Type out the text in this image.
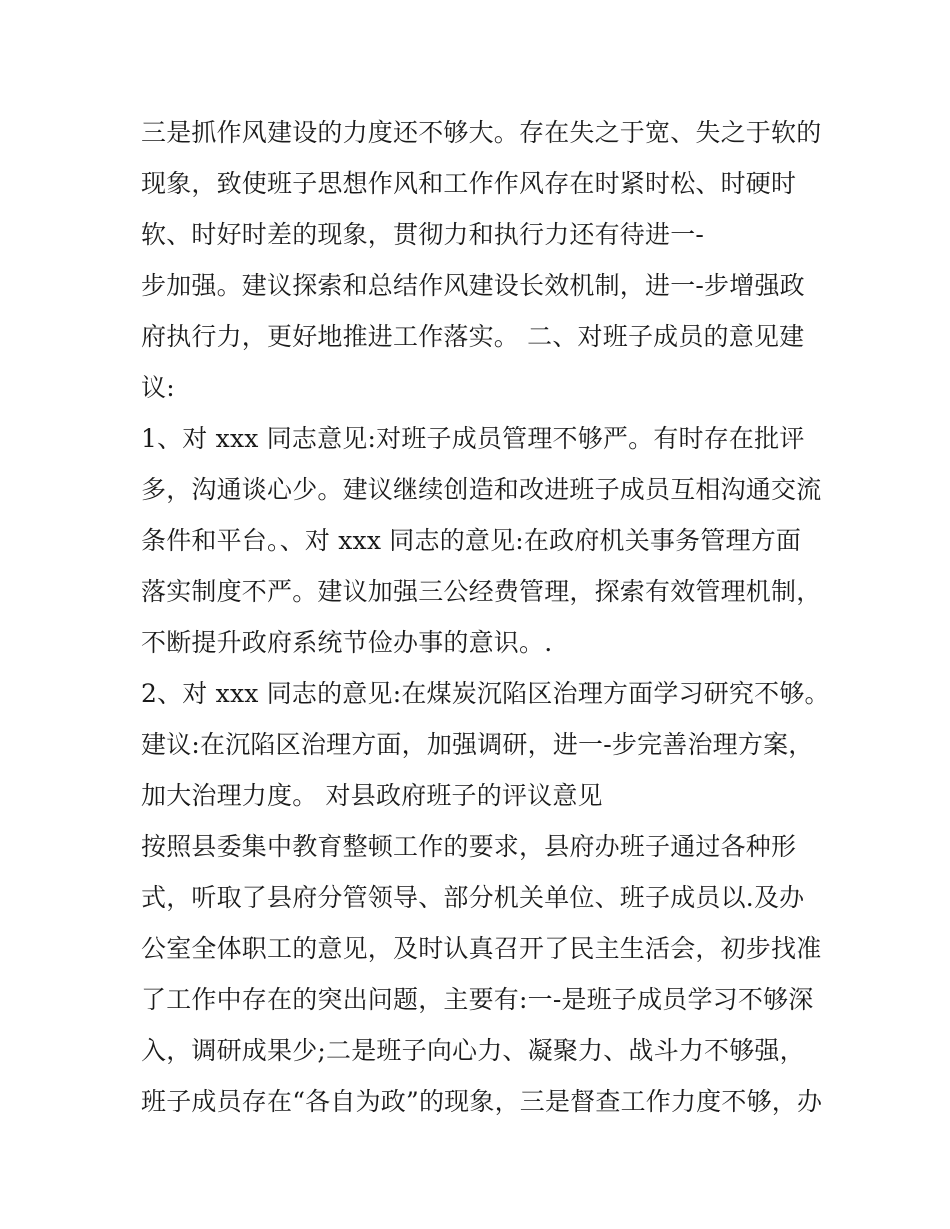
三是抓作风建设的力度还不够大。存在失之于宽、失之于软的
现象，致使班子思想作风和工作作风存在时紧时松、时硬时
软、时好时差的现象，贯彻力和执行力还有待进一-
步加强。建议探索和总结作风建设长效机制，进一-步增强政
府执行力，更好地推进工作落实。 二、对班子成员的意见建
议:
1、对 xxx 同志意见:对班子成员管理不够严。有时存在批评
多，沟通谈心少。建议继续创造和改进班子成员互相沟通交流
条件和平台。、对 xxx 同志的意见:在政府机关事务管理方面
落实制度不严。建议加强三公经费管理，探索有效管理机制，
不断提升政府系统节俭办事的意识。.
2、对 xxx 同志的意见:在煤炭沉陷区治理方面学习研究不够。
建议:在沉陷区治理方面，加强调研，进一-步完善治理方案，
加大治理力度。 对县政府班子的评议意见
按照县委集中教育整顿工作的要求，县府办班子通过各种形
式，听取了县府分管领导、部分机关单位、班子成员以.及办
公室全体职工的意见，及时认真召开了民主生活会，初步找准
了工作中存在的突出问题，主要有:一-是班子成员学习不够深
入，调研成果少;二是班子向心力、凝聚力、战斗力不够强，
班子成员存在“各自为政”的现象，三是督查工作力度不够，办
